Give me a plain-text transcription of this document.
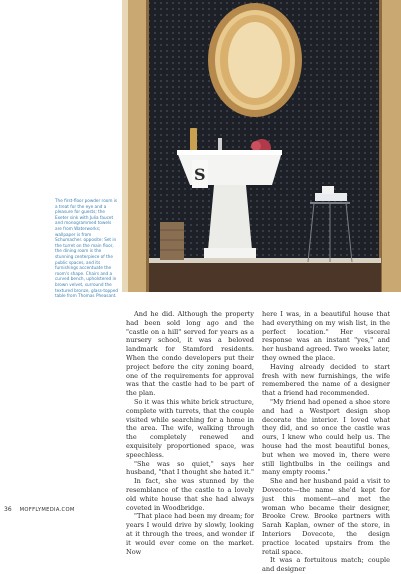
S

The first-floor powder room is a treat for the eye and a pleasure for guests; the Exeter sink with Julia faucet and monogrammed towels are from Waterworks; wallpaper is from Schumacher. opposite: Set in the turret on the main floor, the dining room is the stunning centerpiece of the public spaces, and its furnishings accentuate the room's shape. Chairs and a curved bench, upholstered in brown velvet, surround the textured bronze, glass-topped table from Thomas Pheasant.

And he did. Although the property had been sold long ago and the "castle on a hill" served for years as a nursery school, it was a beloved landmark for Stamford residents. When the condo developers put their project before the city zoning board, one of the requirements for approval was that the castle had to be part of the plan.

So it was this white brick structure, complete with turrets, that the couple visited while searching for a home in the area. The wife, walking through the completely renewed and exquisitely proportioned space, was speechless.

"She was so quiet," says her husband, "that I thought she hated it."

In fact, she was stunned by the resemblance of the castle to a lovely old white house that she had always coveted in Woodbridge.

"That place had been my dream; for years I would drive by slowly, looking at it through the trees, and wonder if it would ever come on the market. Now

here I was, in a beautiful house that had everything on my wish list, in the perfect location." Her visceral response was an instant "yes," and her husband agreed. Two weeks later, they owned the place.

Having already decided to start fresh with new furnishings, the wife remembered the name of a designer that a friend had recommended.

"My friend had opened a shoe store and had a Westport design shop decorate the interior. I loved what they did, and so once the castle was ours, I knew who could help us. The house had the most beautiful bones, but when we moved in, there were still lightbulbs in the ceilings and many empty rooms."

She and her husband paid a visit to Dovecote—the name she'd kept for just this moment—and met the woman who became their designer, Brooke Crew. Brooke partners with Sarah Kaplan, owner of the store, in Interiors Dovecote, the design practice located upstairs from the retail space.

It was a fortuitous match; couple and designer

36 MOFFLYMEDIA.COM
